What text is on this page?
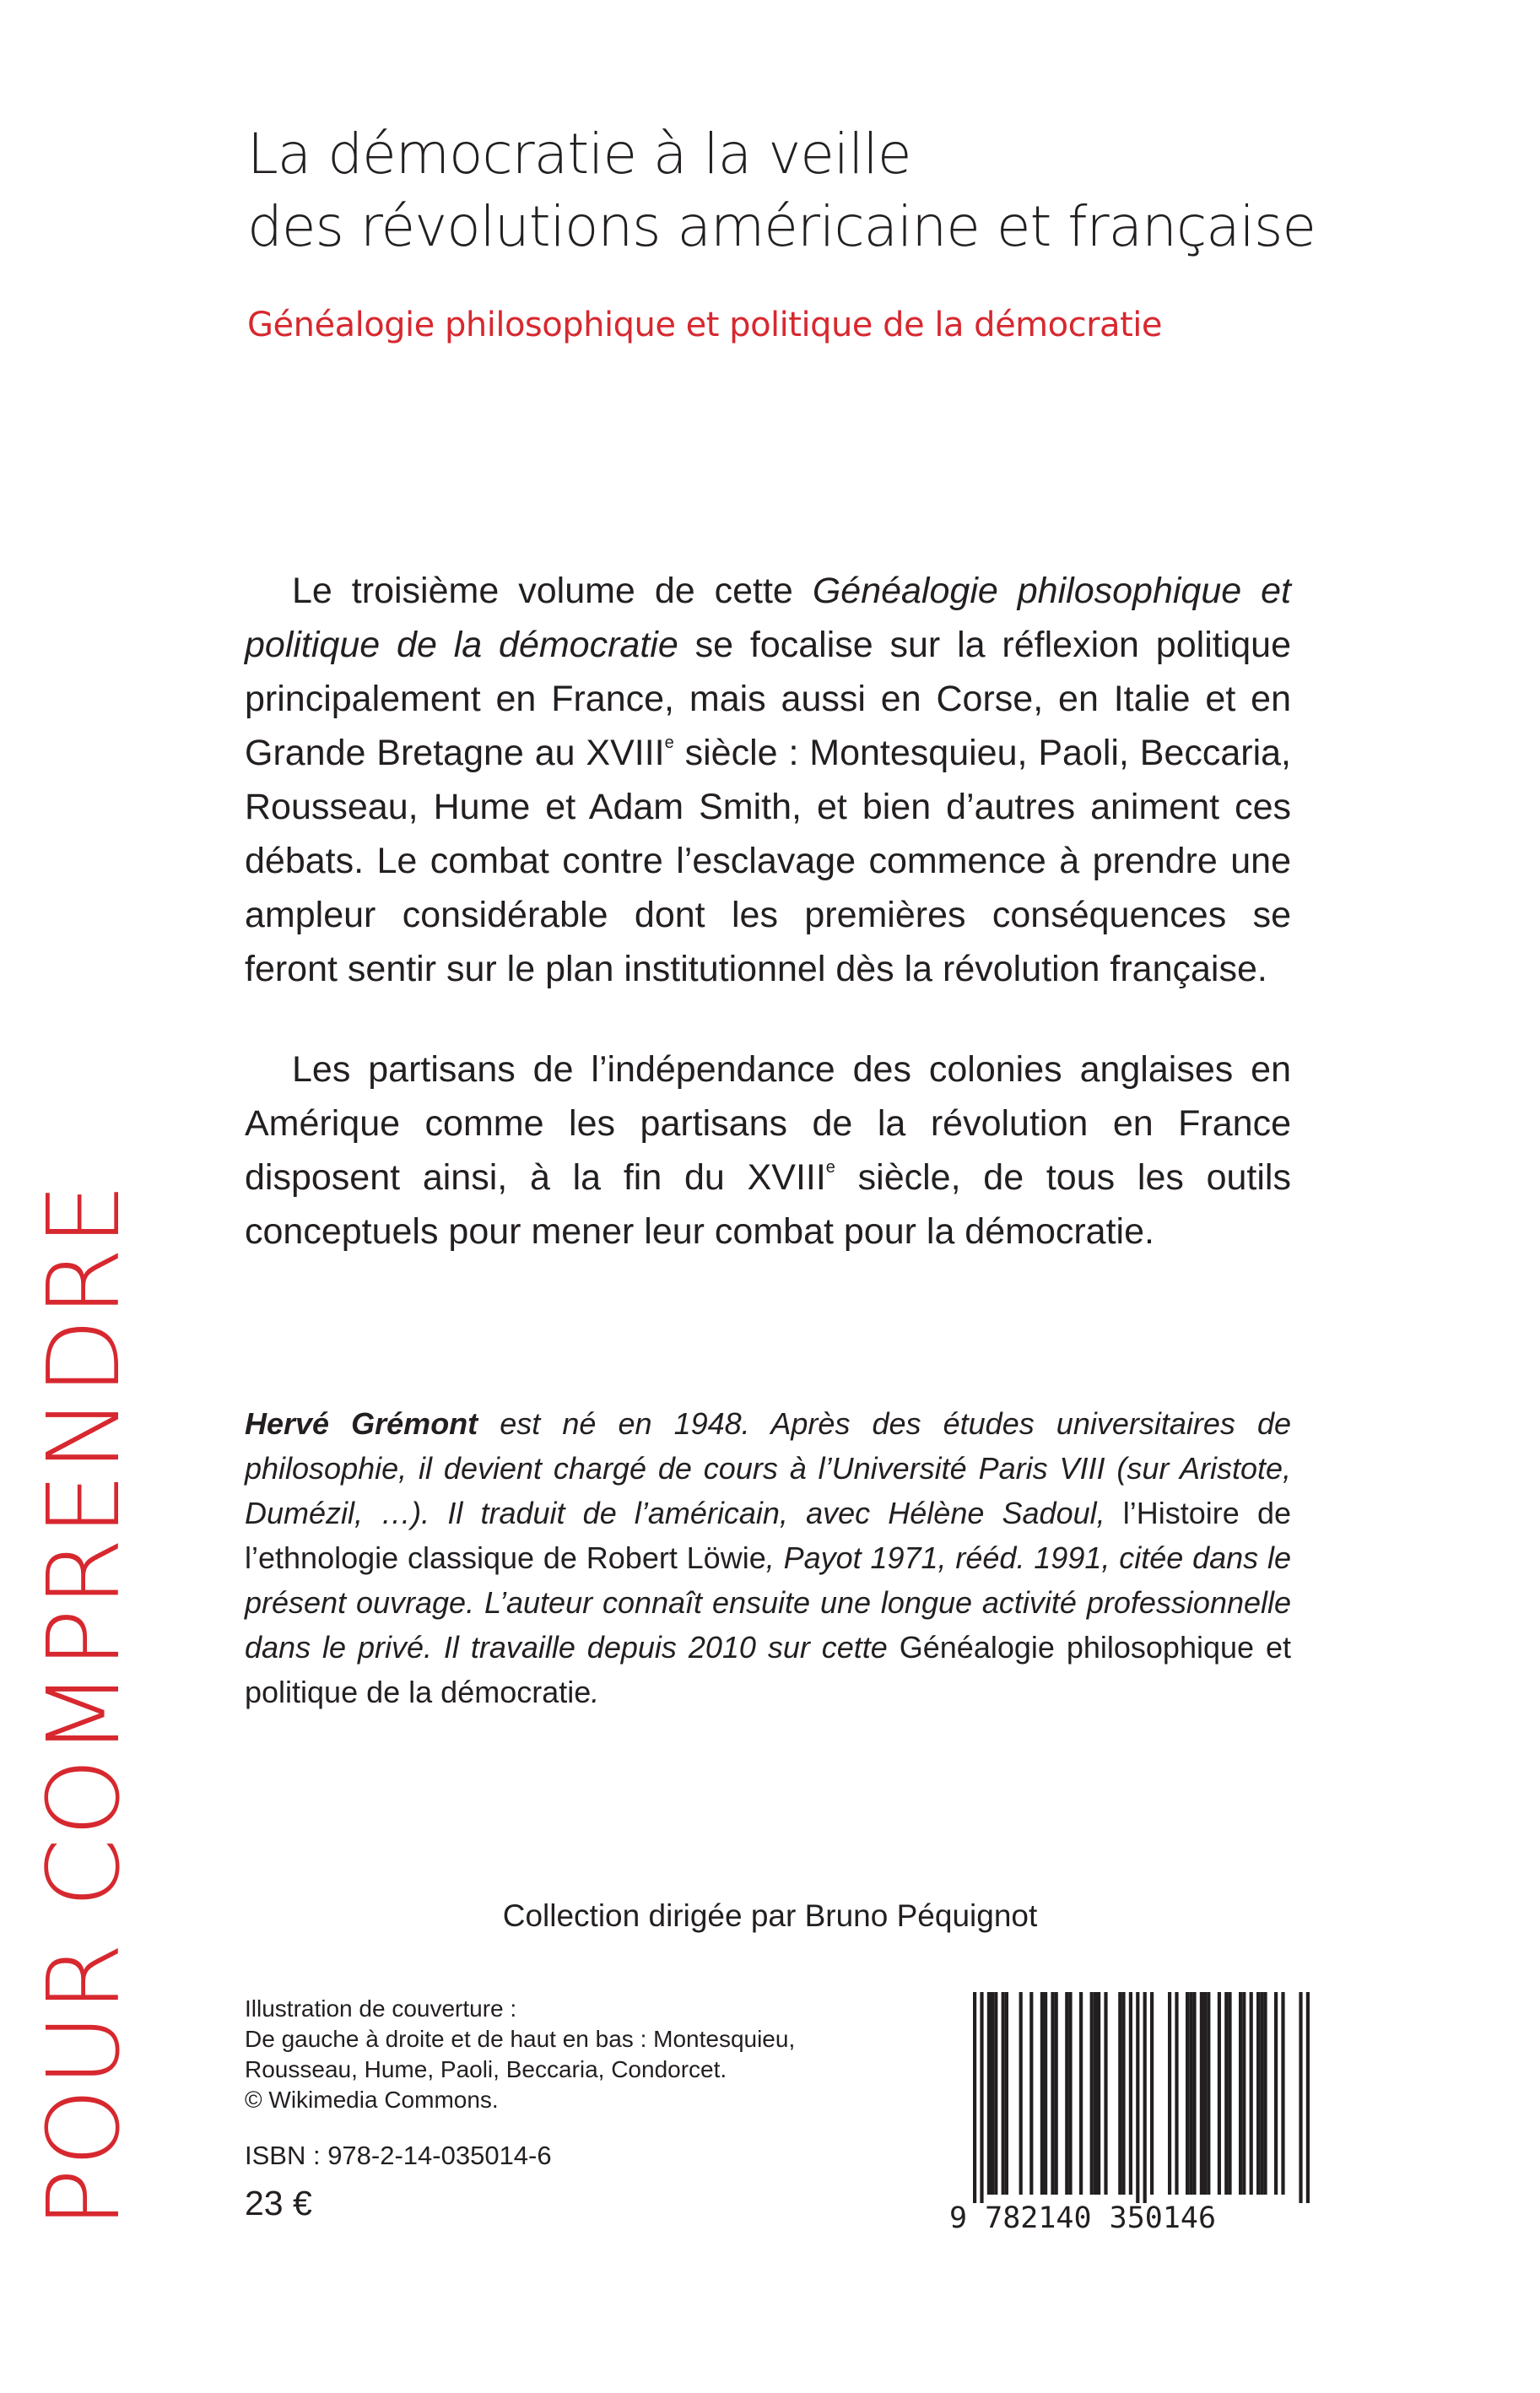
La démocratie à la veille
des révolutions américaine et française
Généalogie philosophique et politique de la démocratie
POUR COMPRENDRE

Le troisième volume de cette Généalogie philosophique et politique de la démocratie se focalise sur la réflexion politique principalement en France, mais aussi en Corse, en Italie et en Grande Bretagne au XVIIIe siècle : Montesquieu, Paoli, Beccaria, Rousseau, Hume et Adam Smith, et bien d’autres animent ces débats. Le combat contre l’esclavage commence à prendre une ampleur considérable dont les premières conséquences se feront sentir sur le plan institutionnel dès la révolution française.

Les partisans de l’indépendance des colonies anglaises en Amérique comme les partisans de la révolution en France disposent ainsi, à la fin du XVIIIe siècle, de tous les outils conceptuels pour mener leur combat pour la démocratie.

Hervé Grémont est né en 1948. Après des études universitaires de philosophie, il devient chargé de cours à l’Université Paris VIII (sur Aristote, Dumézil, …). Il traduit de l’américain, avec Hélène Sadoul, l’Histoire de l’ethnologie classique de Robert Löwie, Payot 1971, rééd. 1991, citée dans le présent ouvrage. L’auteur connaît ensuite une longue activité professionnelle dans le privé. Il travaille depuis 2010 sur cette Généalogie philosophique et politique de la démocratie.
Collection dirigée par Bruno Péquignot
Illustration de couverture :
De gauche à droite et de haut en bas : Montesquieu,
Rousseau, Hume, Paoli, Beccaria, Condorcet.
© Wikimedia Commons.
ISBN : 978-2-14-035014-6
23 €	9 782140 350146
